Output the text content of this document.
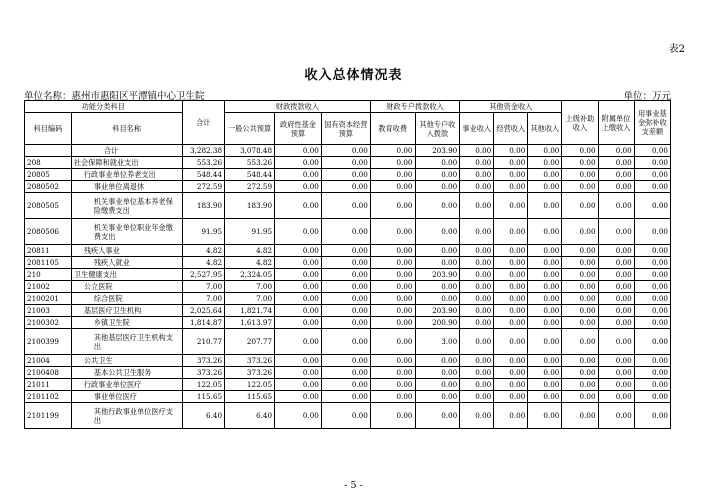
表2
收入总体情况表
单位名称：惠州市惠阳区平潭镇中心卫生院	单位：万元
功能分类科目		合计	财政拨款收入			财政专户拨款收入		其他资金收入			上级补助收入	附属单位上缴收入	用事业基金弥补收支差额
科目编码	科目名称		一般公共预算	政府性基金预算	国有资本经营预算	教育收费	其他专户收入拨款	事业收入	经营收入	其他收入			
	合计	3,282.38	3,078.48	0.00	0.00	0.00	203.90	0.00	0.00	0.00	0.00	0.00	0.00
208	社会保障和就业支出	553.26	553.26	0.00	0.00	0.00	0.00	0.00	0.00	0.00	0.00	0.00	0.00
20805	行政事业单位养老支出	548.44	548.44	0.00	0.00	0.00	0.00	0.00	0.00	0.00	0.00	0.00	0.00
2080502	事业单位离退休	272.59	272.59	0.00	0.00	0.00	0.00	0.00	0.00	0.00	0.00	0.00	0.00
2080505	机关事业单位基本养老保险缴费支出	183.90	183.90	0.00	0.00	0.00	0.00	0.00	0.00	0.00	0.00	0.00	0.00
2080506	机关事业单位职业年金缴费支出	91.95	91.95	0.00	0.00	0.00	0.00	0.00	0.00	0.00	0.00	0.00	0.00
20811	残疾人事业	4.82	4.82	0.00	0.00	0.00	0.00	0.00	0.00	0.00	0.00	0.00	0.00
2081105	残疾人就业	4.82	4.82	0.00	0.00	0.00	0.00	0.00	0.00	0.00	0.00	0.00	0.00
210	卫生健康支出	2,527.95	2,324.05	0.00	0.00	0.00	203.90	0.00	0.00	0.00	0.00	0.00	0.00
21002	公立医院	7.00	7.00	0.00	0.00	0.00	0.00	0.00	0.00	0.00	0.00	0.00	0.00
2100201	综合医院	7.00	7.00	0.00	0.00	0.00	0.00	0.00	0.00	0.00	0.00	0.00	0.00
21003	基层医疗卫生机构	2,025.64	1,821.74	0.00	0.00	0.00	203.90	0.00	0.00	0.00	0.00	0.00	0.00
2100302	乡镇卫生院	1,814.87	1,613.97	0.00	0.00	0.00	200.90	0.00	0.00	0.00	0.00	0.00	0.00
2100399	其他基层医疗卫生机构支出	210.77	207.77	0.00	0.00	0.00	3.00	0.00	0.00	0.00	0.00	0.00	0.00
21004	公共卫生	373.26	373.26	0.00	0.00	0.00	0.00	0.00	0.00	0.00	0.00	0.00	0.00
2100408	基本公共卫生服务	373.26	373.26	0.00	0.00	0.00	0.00	0.00	0.00	0.00	0.00	0.00	0.00
21011	行政事业单位医疗	122.05	122.05	0.00	0.00	0.00	0.00	0.00	0.00	0.00	0.00	0.00	0.00
2101102	事业单位医疗	115.65	115.65	0.00	0.00	0.00	0.00	0.00	0.00	0.00	0.00	0.00	0.00
2101199	其他行政事业单位医疗支出	6.40	6.40	0.00	0.00	0.00	0.00	0.00	0.00	0.00	0.00	0.00	0.00
- 5 -
